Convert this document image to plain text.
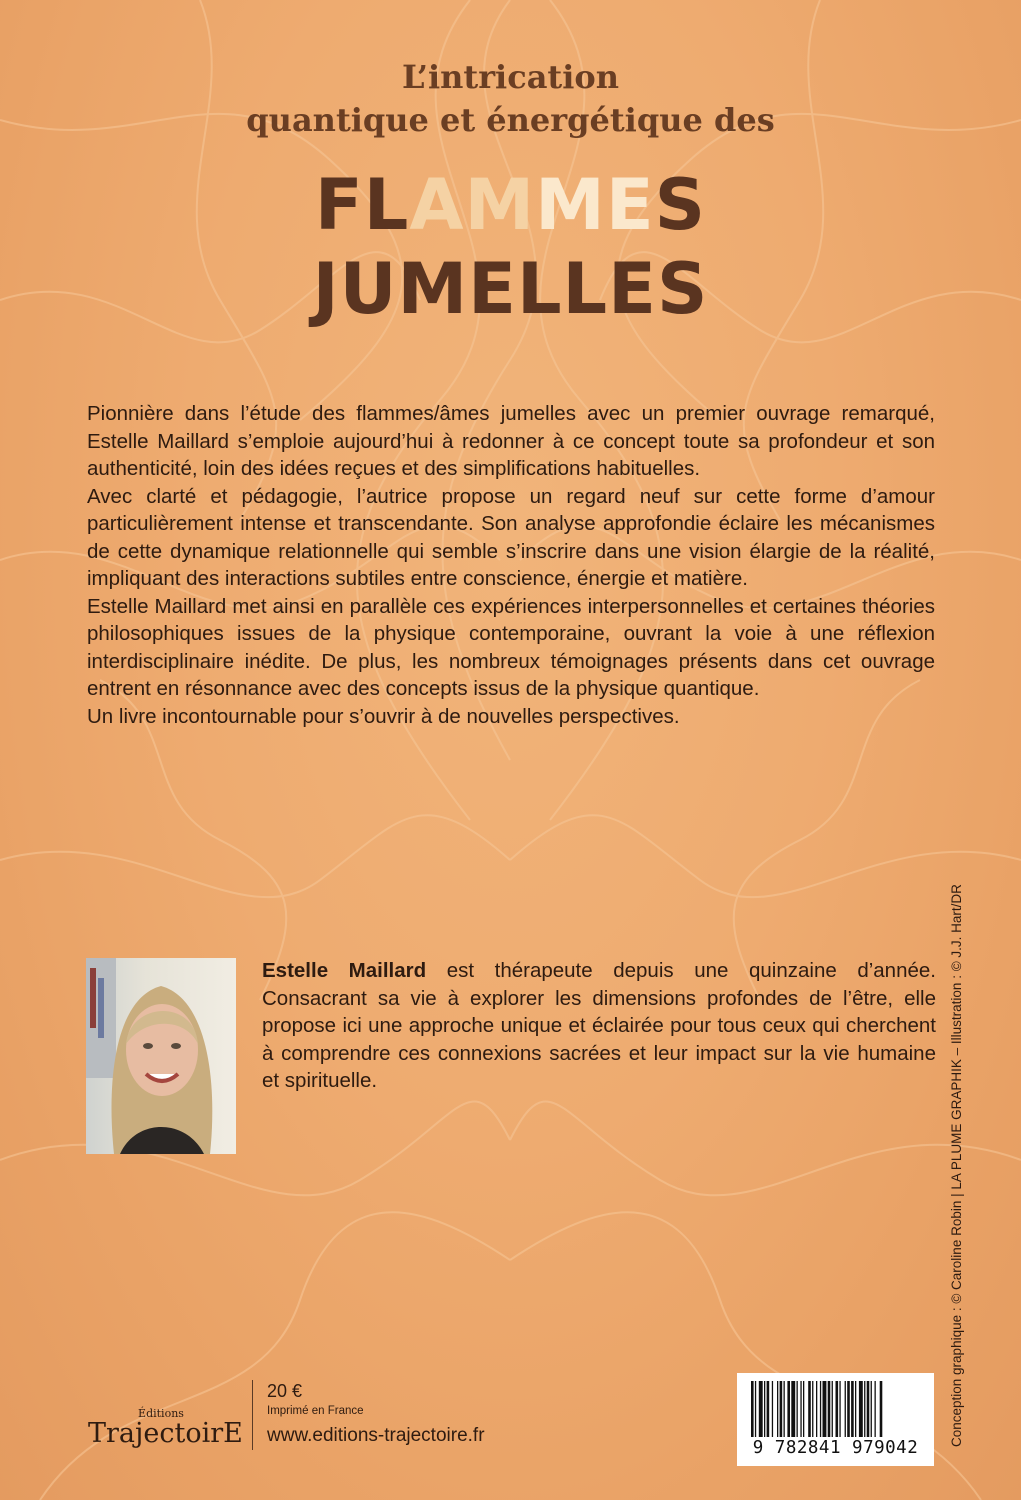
L’intrication

quantique et énergétique des

FLAMMES

JUMELLES

Pionnière dans l’étude des flammes/âmes jumelles avec un premier ouvrage remarqué, Estelle Maillard s’emploie aujourd’hui à redonner à ce concept toute sa profondeur et son authenticité, loin des idées reçues et des simplifications habituelles.

Avec clarté et pédagogie, l’autrice propose un regard neuf sur cette forme d’amour particulièrement intense et transcendante. Son analyse approfondie éclaire les mécanismes de cette dynamique relationnelle qui semble s’inscrire dans une vision élargie de la réalité, impliquant des interactions subtiles entre conscience, énergie et matière.

Estelle Maillard met ainsi en parallèle ces expériences interpersonnelles et certaines théories philosophiques issues de la physique contemporaine, ouvrant la voie à une réflexion interdisciplinaire inédite. De plus, les nombreux témoignages présents dans cet ouvrage entrent en résonnance avec des concepts issus de la physique quantique.

Un livre incontournable pour s’ouvrir à de nouvelles perspectives.

Estelle Maillard est thérapeute depuis une quinzaine d’année. Consacrant sa vie à explorer les dimensions profondes de l’être, elle propose ici une approche unique et éclairée pour tous ceux qui cherchent à comprendre ces connexions sacrées et leur impact sur la vie humaine et spirituelle.	Conception graphique : © Caroline Robin | LA PLUME GRAPHIK – Illustration : © J.J. Hart/DR
Éditions
TrajectoirE
20 €
Imprimé en France
www.editions-trajectoire.fr
9 782841 979042
